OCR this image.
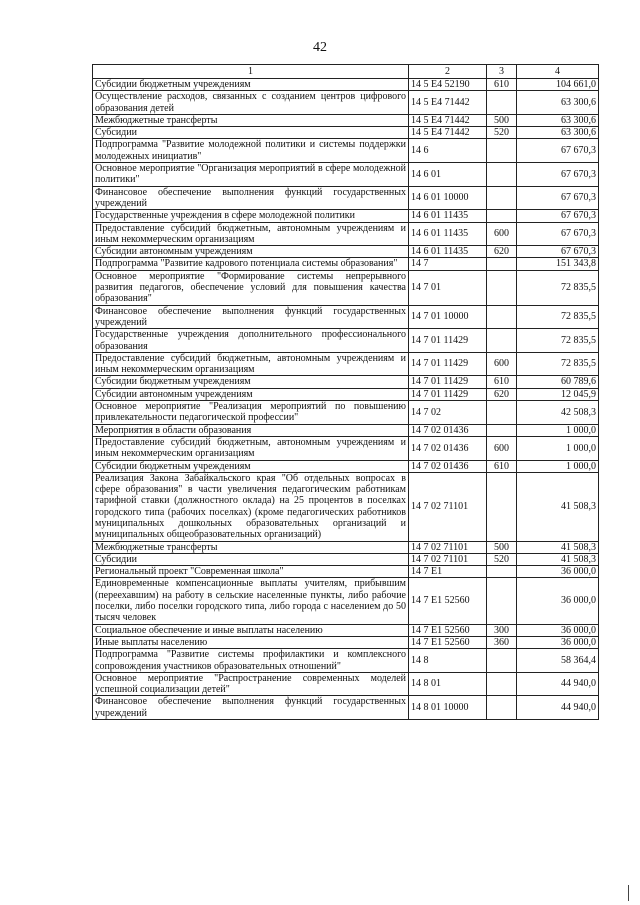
42
1	2	3	4
Субсидии бюджетным учреждениям	14 5 E4 52190	610	104 661,0
Осуществление расходов, связанных с созданием центров цифрового образования детей	14 5 E4 71442		63 300,6
Межбюджетные трансферты	14 5 E4 71442	500	63 300,6
Субсидии	14 5 E4 71442	520	63 300,6
Подпрограмма "Развитие молодежной политики и системы поддержки молодежных инициатив"	14 6		67 670,3
Основное мероприятие "Организация мероприятий в сфере молодежной политики"	14 6 01		67 670,3
Финансовое обеспечение выполнения функций государственных учреждений	14 6 01 10000		67 670,3
Государственные учреждения в сфере молодежной политики	14 6 01 11435		67 670,3
Предоставление субсидий бюджетным, автономным учреждениям и иным некоммерческим организациям	14 6 01 11435	600	67 670,3
Субсидии автономным учреждениям	14 6 01 11435	620	67 670,3
Подпрограмма "Развитие кадрового потенциала системы образования"	14 7		151 343,8
Основное мероприятие "Формирование системы непрерывного развития педагогов, обеспечение условий для повышения качества образования"	14 7 01		72 835,5
Финансовое обеспечение выполнения функций государственных учреждений	14 7 01 10000		72 835,5
Государственные учреждения дополнительного профессионального образования	14 7 01 11429		72 835,5
Предоставление субсидий бюджетным, автономным учреждениям и иным некоммерческим организациям	14 7 01 11429	600	72 835,5
Субсидии бюджетным учреждениям	14 7 01 11429	610	60 789,6
Субсидии автономным учреждениям	14 7 01 11429	620	12 045,9
Основное мероприятие "Реализация мероприятий по повышению привлекательности педагогической профессии"	14 7 02		42 508,3
Мероприятия в области образования	14 7 02 01436		1 000,0
Предоставление субсидий бюджетным, автономным учреждениям и иным некоммерческим организациям	14 7 02 01436	600	1 000,0
Субсидии бюджетным учреждениям	14 7 02 01436	610	1 000,0
Реализация Закона Забайкальского края "Об отдельных вопросах в сфере образования" в части увеличения педагогическим работникам тарифной ставки (должностного оклада) на 25 процентов в поселках городского типа (рабочих поселках) (кроме педагогических работников муниципальных дошкольных образовательных организаций и муниципальных общеобразовательных организаций)	14 7 02 71101		41 508,3
Межбюджетные трансферты	14 7 02 71101	500	41 508,3
Субсидии	14 7 02 71101	520	41 508,3
Региональный проект "Современная школа"	14 7 E1		36 000,0
Единовременные компенсационные выплаты учителям, прибывшим (переехавшим) на работу в сельские населенные пункты, либо рабочие поселки, либо поселки городского типа, либо города с населением до 50 тысяч человек	14 7 E1 52560		36 000,0
Социальное обеспечение и иные выплаты населению	14 7 E1 52560	300	36 000,0
Иные выплаты населению	14 7 E1 52560	360	36 000,0
Подпрограмма "Развитие системы профилактики и комплексного сопровождения участников образовательных отношений"	14 8		58 364,4
Основное мероприятие "Распространение современных моделей успешной социализации детей"	14 8 01		44 940,0
Финансовое обеспечение выполнения функций государственных учреждений	14 8 01 10000		44 940,0
